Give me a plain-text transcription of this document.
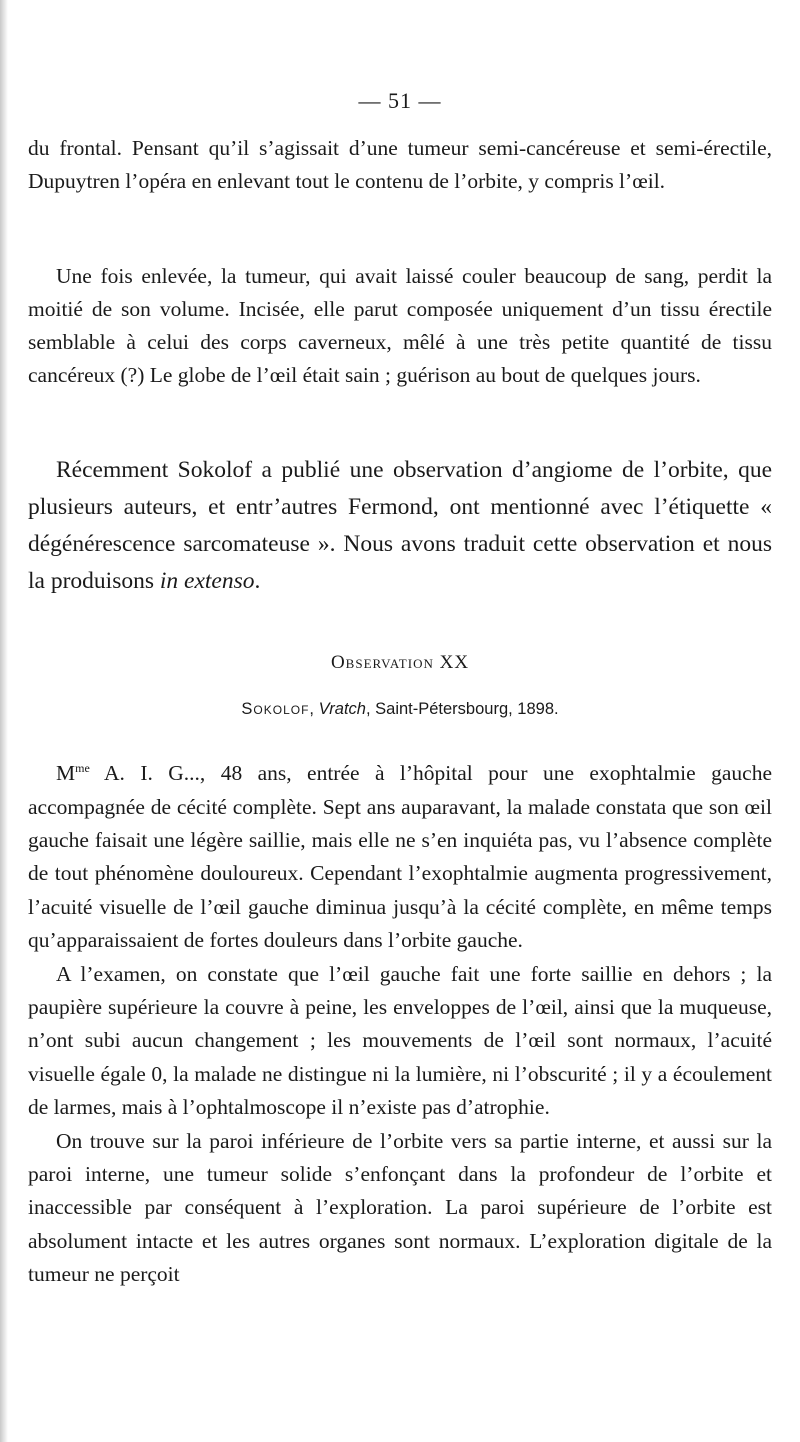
— 51 —

du frontal. Pensant qu’il s’agissait d’une tumeur semi-cancéreuse et semi-érectile, Dupuytren l’opéra en enlevant tout le contenu de l’orbite, y compris l’œil.

Une fois enlevée, la tumeur, qui avait laissé couler beaucoup de sang, perdit la moitié de son volume. Incisée, elle parut composée uniquement d’un tissu érectile semblable à celui des corps caverneux, mêlé à une très petite quantité de tissu cancéreux (?) Le globe de l’œil était sain ; guérison au bout de quelques jours.

Récemment Sokolof a publié une observation d’angiome de l’orbite, que plusieurs auteurs, et entr’autres Fermond, ont mentionné avec l’étiquette « dégénérescence sarcomateuse ». Nous avons traduit cette observation et nous la produisons in extenso.

Observation XX
Sokolof, Vratch, Saint-Pétersbourg, 1898.

$M^{me}$ A. I. G..., 48 ans, entrée à l’hôpital pour une exophtalmie gauche accompagnée de cécité complète. Sept ans auparavant, la malade constata que son œil gauche faisait une légère saillie, mais elle ne s’en inquiéta pas, vu l’absence complète de tout phénomène douloureux. Cependant l’exophtalmie augmenta progressivement, l’acuité visuelle de l’œil gauche diminua jusqu’à la cécité complète, en même temps qu’apparaissaient de fortes douleurs dans l’orbite gauche.

A l’examen, on constate que l’œil gauche fait une forte saillie en dehors ; la paupière supérieure la couvre à peine, les enveloppes de l’œil, ainsi que la muqueuse, n’ont subi aucun changement ; les mouvements de l’œil sont normaux, l’acuité visuelle égale 0, la malade ne distingue ni la lumière, ni l’obscurité ; il y a écoulement de larmes, mais à l’ophtalmoscope il n’existe pas d’atrophie.

On trouve sur la paroi inférieure de l’orbite vers sa partie interne, et aussi sur la paroi interne, une tumeur solide s’enfonçant dans la profondeur de l’orbite et inaccessible par conséquent à l’exploration. La paroi supérieure de l’orbite est absolument intacte et les autres organes sont normaux. L’exploration digitale de la tumeur ne perçoit
